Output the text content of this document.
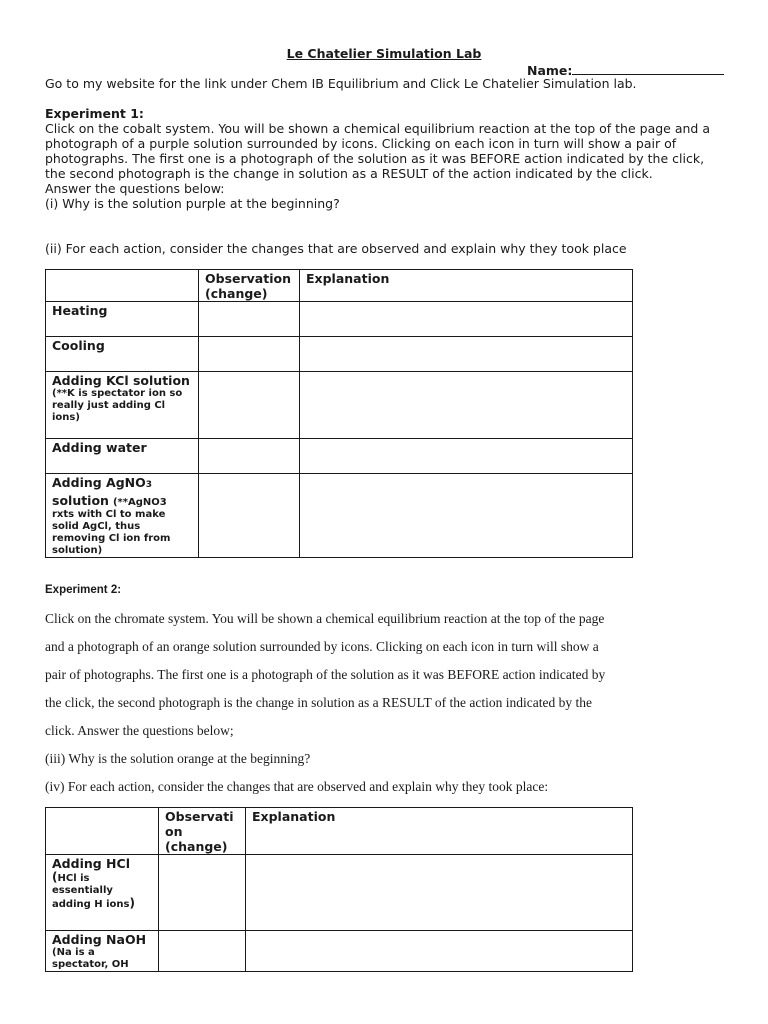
Le Chatelier Simulation Lab
Name:
Go to my website for the link under Chem IB Equilibrium and Click Le Chatelier Simulation lab.
Experiment 1:
Click on the cobalt system. You will be shown a chemical equilibrium reaction at the top of the page and a
photograph of a purple solution surrounded by icons. Clicking on each icon in turn will show a pair of
photographs. The first one is a photograph of the solution as it was BEFORE action indicated by the click,
the second photograph is the change in solution as a RESULT of the action indicated by the click.
Answer the questions below:
(i) Why is the solution purple at the beginning?
(ii) For each action, consider the changes that are observed and explain why they took place
	Observation (change)	Explanation
Heating		
Cooling		

Adding KCl solution
(**K is spectator ion so really just adding Cl ions)		

Adding water		

Adding AgNO3
solution (**AgNO3
rxts with Cl to make solid AgCl, thus removing Cl ion from solution)		

Experiment 2:
Click on the chromate system. You will be shown a chemical equilibrium reaction at the top of the page
and a photograph of an orange solution surrounded by icons. Clicking on each icon in turn will show a
pair of photographs. The first one is a photograph of the solution as it was BEFORE action indicated by
the click, the second photograph is the change in solution as a RESULT of the action indicated by the
click. Answer the questions below;
(iii) Why is the solution orange at the beginning?
(iv) For each action, consider the changes that are observed and explain why they took place:
	Observati on (change)	Explanation

Adding HCl
(HCl is essentially adding H ions)		

Adding NaOH
(Na is a spectator, OH		
